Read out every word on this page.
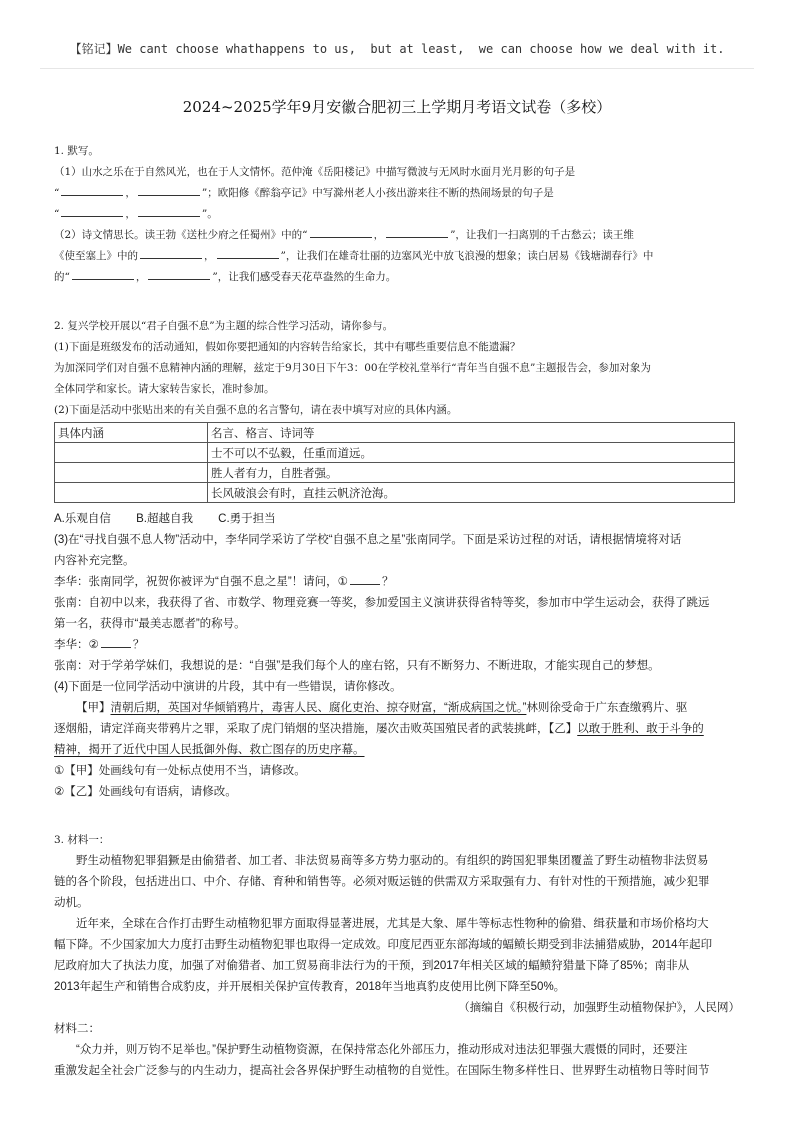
【铭记】We cant choose whathappens to us,  but at least,  we can choose how we deal with it.
2024~2025学年9月安徽合肥初三上学期月考语文试卷（多校）
1. 默写。
（1）山水之乐在于自然风光，也在于人文情怀。范仲淹《岳阳楼记》中描写微波与无风时水面月光月影的句子是
“	，	”；欧阳修《醉翁亭记》中写滁州老人小孩出游来往不断的热闹场景的句子是
“	，	”。
（2）诗文情思长。读王勃《送杜少府之任蜀州》中的“	，	”，让我们一扫离别的千古愁云；读王维
《使至塞上》中的	，	”，让我们在雄奇壮丽的边塞风光中放飞浪漫的想象；读白居易《钱塘湖春行》中
的“	，	”，让我们感受春天花草盎然的生命力。
2. 复兴学校开展以“君子自强不息”为主题的综合性学习活动，请你参与。
(1)下面是班级发布的活动通知，假如你要把通知的内容转告给家长，其中有哪些重要信息不能遗漏？
为加深同学们对自强不息精神内涵的理解，兹定于9月30日下午3：00在学校礼堂举行“青年当自强不息”主题报告会，参加对象为
全体同学和家长。请大家转告家长，准时参加。
(2)下面是活动中张贴出来的有关自强不息的名言警句，请在表中填写对应的具体内涵。
具体内涵	名言、格言、诗词等
	士不可以不弘毅，任重而道远。
	胜人者有力，自胜者强。
	长风破浪会有时，直挂云帆济沧海。
A.乐观自信 B.超越自我 C.勇于担当
(3)在“寻找自强不息人物”活动中，李华同学采访了学校“自强不息之星”张南同学。下面是采访过程的对话，请根据情境将对话
内容补充完整。
李华：张南同学，祝贺你被评为“自强不息之星”！请问，①	？
张南：自初中以来，我获得了省、市数学、物理竞赛一等奖，参加爱国主义演讲获得省特等奖，参加市中学生运动会，获得了跳远
第一名，获得市“最美志愿者”的称号。
李华：②	？
张南：对于学弟学妹们，我想说的是：“自强”是我们每个人的座右铭，只有不断努力、不断进取，才能实现自己的梦想。
(4)下面是一位同学活动中演讲的片段，其中有一些错误，请你修改。
【甲】清朝后期，英国对华倾销鸦片，毒害人民、腐化吏治、掠夺财富，“渐成病国之忧。”林则徐受命于广东查缴鸦片、驱
逐烟船，请定洋商夹带鸦片之罪，采取了虎门销烟的坚决措施，屡次击败英国殖民者的武装挑衅，【乙】以敢于胜利、敢于斗争的
精神，揭开了近代中国人民抵御外侮、救亡图存的历史序幕。
①【甲】处画线句有一处标点使用不当，请修改。
②【乙】处画线句有语病，请修改。
3. 材料一：
野生动植物犯罪猖獗是由偷猎者、加工者、非法贸易商等多方势力驱动的。有组织的跨国犯罪集团覆盖了野生动植物非法贸易
链的各个阶段，包括进出口、中介、存储、育种和销售等。必须对贩运链的供需双方采取强有力、有针对性的干预措施，减少犯罪
动机。
近年来，全球在合作打击野生动植物犯罪方面取得显著进展，尤其是大象、犀牛等标志性物种的偷猎、缉获量和市场价格均大
幅下降。不少国家加大力度打击野生动植物犯罪也取得一定成效。印度尼西亚东部海域的蝠鲼长期受到非法捕猎威胁，2014年起印
尼政府加大了执法力度，加强了对偷猎者、加工贸易商非法行为的干预，到2017年相关区域的蝠鲼狩猎量下降了85%；南非从
2013年起生产和销售合成豹皮，并开展相关保护宣传教育，2018年当地真豹皮使用比例下降至50%。
（摘编自《积极行动，加强野生动植物保护》，人民网）
材料二：
“众力并，则万钧不足举也。”保护野生动植物资源，在保持常态化外部压力，推动形成对违法犯罪强大震慑的同时，还要注
重激发起全社会广泛参与的内生动力，提高社会各界保护野生动植物的自觉性。在国际生物多样性日、世界野生动植物日等时间节
